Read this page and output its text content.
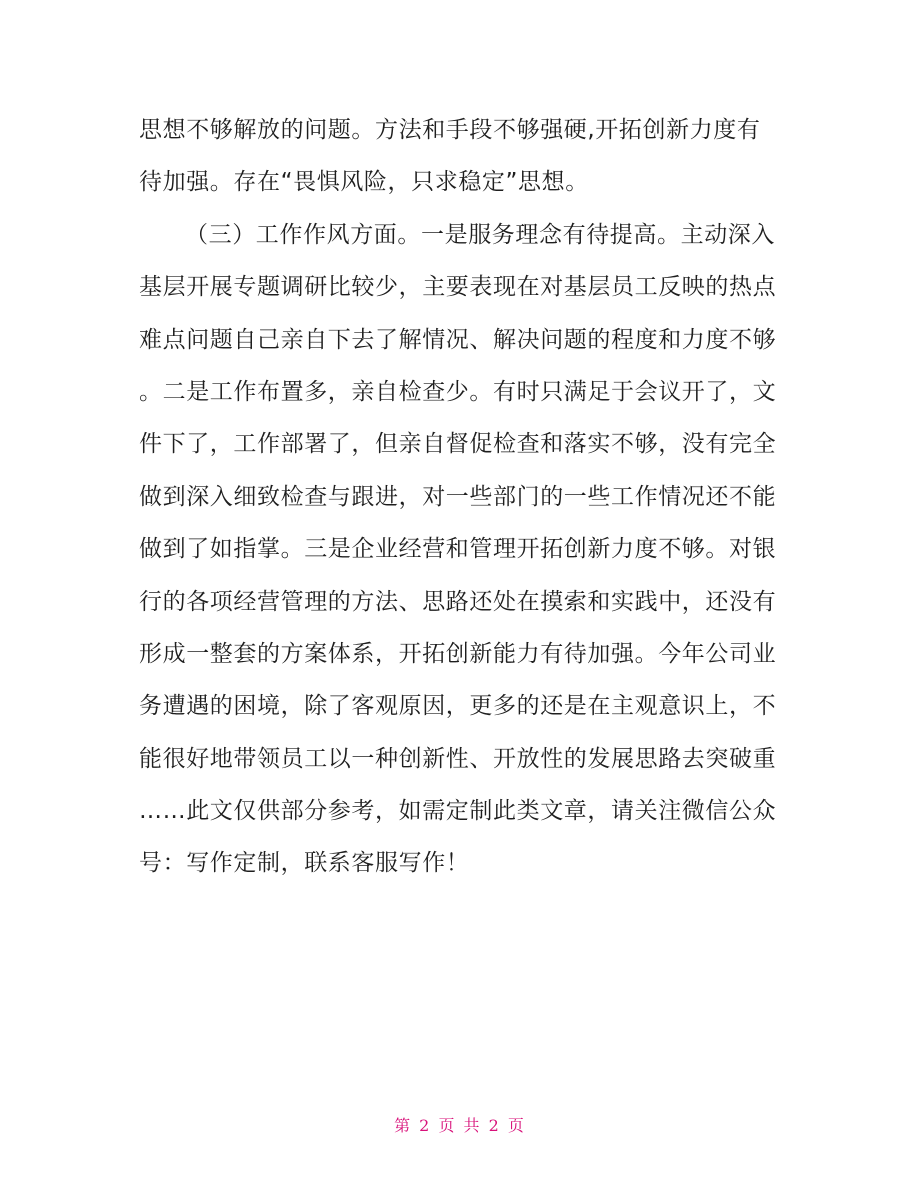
思想不够解放的问题。方法和手段不够强硬,开拓创新力度有
待加强。存在“畏惧风险，只求稳定”思想。
（三）工作作风方面。一是服务理念有待提高。主动深入
基层开展专题调研比较少，主要表现在对基层员工反映的热点
难点问题自己亲自下去了解情况、解决问题的程度和力度不够
。二是工作布置多，亲自检查少。有时只满足于会议开了，文
件下了，工作部署了，但亲自督促检查和落实不够，没有完全
做到深入细致检查与跟进，对一些部门的一些工作情况还不能
做到了如指掌。三是企业经营和管理开拓创新力度不够。对银
行的各项经营管理的方法、思路还处在摸索和实践中，还没有
形成一整套的方案体系，开拓创新能力有待加强。今年公司业
务遭遇的困境，除了客观原因，更多的还是在主观意识上，不
能很好地带领员工以一种创新性、开放性的发展思路去突破重
……此文仅供部分参考，如需定制此类文章，请关注微信公众
号：写作定制，联系客服写作！
第 2 页 共 2 页
